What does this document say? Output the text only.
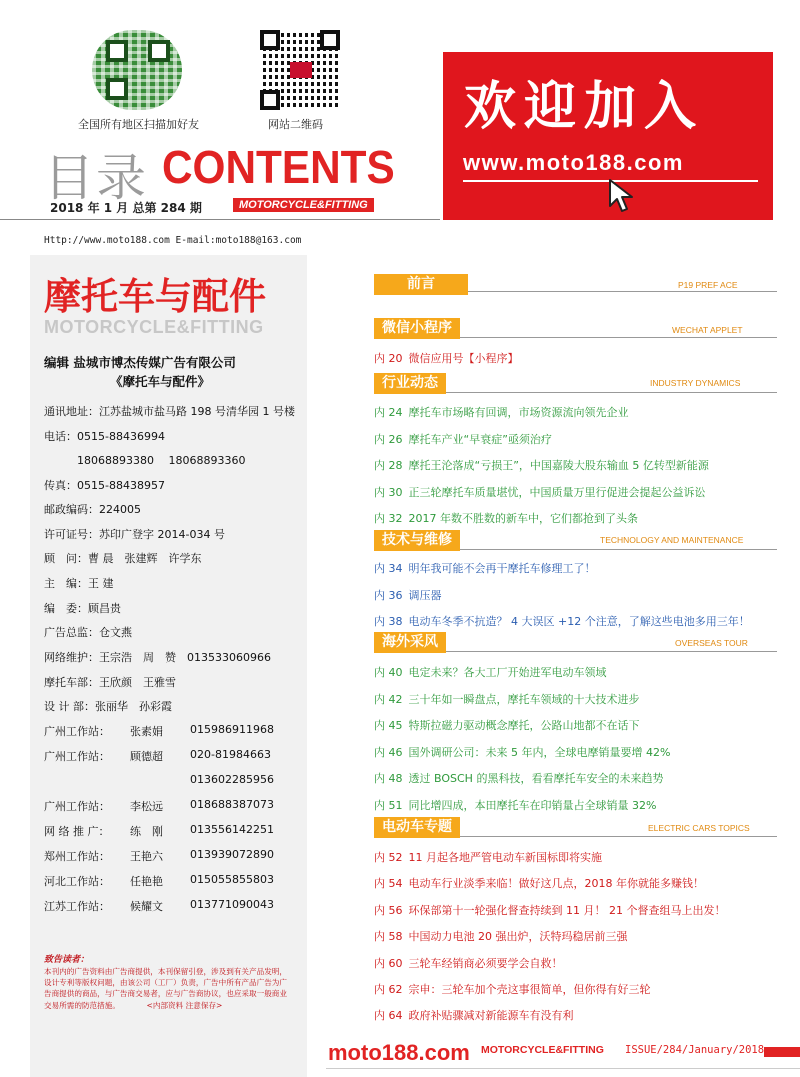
全国所有地区扫描加好友	网站二维码
目录 CONTENTS
2018 年 1 月 总第 284 期	MOTORCYCLE&FITTING
欢迎加入
www.moto188.com
Http://www.moto188.com E-mail:moto188@163.com
摩托车与配件
MOTORCYCLE&FITTING
编辑 盐城市博杰传媒广告有限公司
《摩托车与配件》
通讯地址：江苏盐城市盐马路 198 号清华园 1 号楼
电话：0515-88436994
　　　18068893380　 18068893360
传真：0515-88438957
邮政编码：224005
许可证号：苏印广登字 2014-034 号
顾　问：曹 晨　张建辉　许学东
主　编：王 建
编　委：顾昌贵
广告总监：仓文燕
网络维护：王宗浩　周　赞　013533060966
摩托车部：王欣颜　王雅雪
设 计 部：张丽华　孙彩霞
广州工作站： 张素娟 015986911968
广州工作站： 顾德超 020-81984663
013602285956
广州工作站： 李松远 018688387073
网 络 推 广： 练　刚 013556142251
郑州工作站： 王艳六 013939072890
河北工作站： 任艳艳 015055855803
江苏工作站： 候耀文 013771090043
致告读者：
本刊内的广告资料由广告商提供，本刊保留引登，涉及到有关产品发明，设计专利等版权问题，由该公司（工厂）负责，广告中所有产品广告为广告商提供的商品，与广告商交易者，应与广告商协议，也应采取一般商业交易所需的防范措施。　　　　<内部资料 注意保存>
前言	P19 PREF ACE
微信小程序	WECHAT APPLET
内 20 微信应用号【小程序】
行业动态	INDUSTRY DYNAMICS
内 24 摩托车市场略有回调，市场资源流向领先企业
内 26 摩托车产业“早衰症”亟须治疗
内 28 摩托王沦落成“亏损王”，中国嘉陵大股东输血 5 亿转型新能源
内 30 正三轮摩托车质量堪忧，中国质量万里行促进会提起公益诉讼
内 32 2017 年数不胜数的新车中，它们都抢到了头条
技术与维修	TECHNOLOGY AND MAINTENANCE
内 34 明年我可能不会再干摩托车修理工了！
内 36 调压器
内 38 电动车冬季不抗造？ 4 大误区 +12 个注意，了解这些电池多用三年！
海外采风	OVERSEAS TOUR
内 40 电定未来？各大工厂开始进军电动车领域
内 42 三十年如一瞬盘点，摩托车领域的十大技术进步
内 45 特斯拉磁力驱动概念摩托，公路山地都不在话下
内 46 国外调研公司：未来 5 年内，全球电摩销量要增 42%
内 48 透过 BOSCH 的黑科技，看看摩托车安全的未来趋势
内 51 同比增四成，本田摩托车在印销量占全球销量 32%
电动车专题	ELECTRIC CARS TOPICS
内 52 11 月起各地严管电动车新国标即将实施
内 54 电动车行业淡季来临！做好这几点，2018 年你就能多赚钱！
内 56 环保部第十一轮强化督查持续到 11 月！ 21 个督查组马上出发！
内 58 中国动力电池 20 强出炉，沃特玛稳居前三强
内 60 三轮车经销商必须要学会自救！
内 62 宗申：三轮车加个壳这事很简单，但你得有好三轮
内 64 政府补贴骤减对新能源车有没有利
moto188.com MOTORCYCLE&FITTING ISSUE/284/January/2018
